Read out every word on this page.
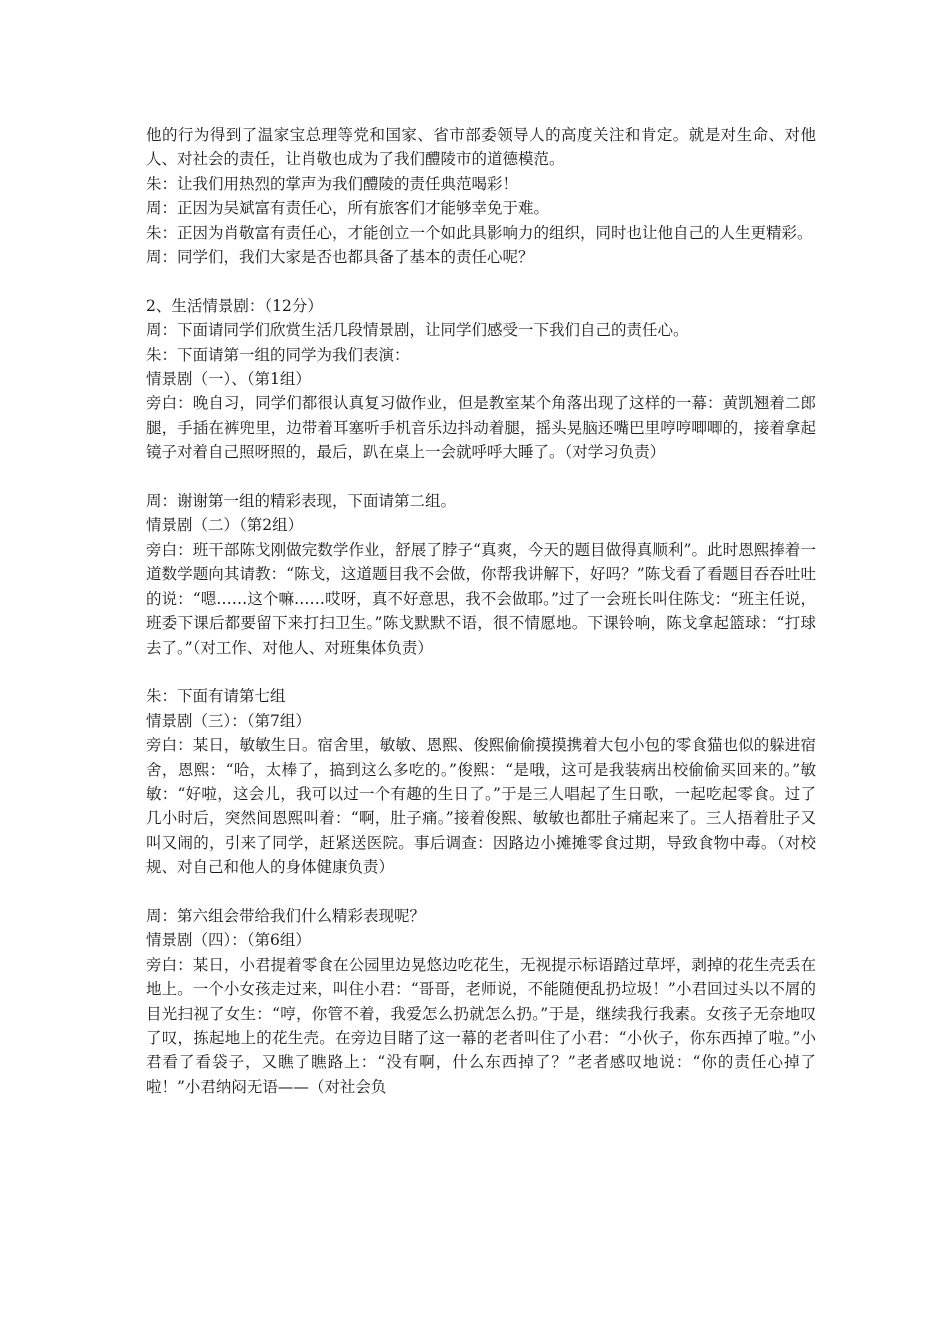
他的行为得到了温家宝总理等党和国家、省市部委领导人的高度关注和肯定。就是对生命、对他人、对社会的责任，让肖敬也成为了我们醴陵市的道德模范。

朱：让我们用热烈的掌声为我们醴陵的责任典范喝彩！

周：正因为吴斌富有责任心，所有旅客们才能够幸免于难。

朱：正因为肖敬富有责任心，才能创立一个如此具影响力的组织，同时也让他自己的人生更精彩。

周：同学们，我们大家是否也都具备了基本的责任心呢？

2、生活情景剧：（12分）

周：下面请同学们欣赏生活几段情景剧，让同学们感受一下我们自己的责任心。

朱：下面请第一组的同学为我们表演：

情景剧（一）、（第1组）

旁白：晚自习，同学们都很认真复习做作业，但是教室某个角落出现了这样的一幕：黄凯翘着二郎腿，手插在裤兜里，边带着耳塞听手机音乐边抖动着腿，摇头晃脑还嘴巴里哼哼唧唧的，接着拿起镜子对着自己照呀照的，最后，趴在桌上一会就呼呼大睡了。（对学习负责）

周：谢谢第一组的精彩表现，下面请第二组。

情景剧（二）（第2组）

旁白：班干部陈戈刚做完数学作业，舒展了脖子“真爽，今天的题目做得真顺利”。此时恩熙捧着一道数学题向其请教：“陈戈，这道题目我不会做，你帮我讲解下，好吗？”陈戈看了看题目吞吞吐吐的说：“嗯……这个嘛……哎呀，真不好意思，我不会做耶。”过了一会班长叫住陈戈：“班主任说，班委下课后都要留下来打扫卫生。”陈戈默默不语，很不情愿地。下课铃响，陈戈拿起篮球：“打球去了。”（对工作、对他人、对班集体负责）

朱：下面有请第七组

情景剧（三）：（第7组）

旁白：某日，敏敏生日。宿舍里，敏敏、恩熙、俊熙偷偷摸摸携着大包小包的零食猫也似的躲进宿舍，恩熙：“哈，太棒了，搞到这么多吃的。”俊熙：“是哦，这可是我装病出校偷偷买回来的。”敏敏：“好啦，这会儿，我可以过一个有趣的生日了。”于是三人唱起了生日歌，一起吃起零食。过了几小时后，突然间恩熙叫着：“啊，肚子痛。”接着俊熙、敏敏也都肚子痛起来了。三人捂着肚子又叫又闹的，引来了同学，赶紧送医院。事后调查：因路边小摊摊零食过期，导致食物中毒。（对校规、对自己和他人的身体健康负责）

周：第六组会带给我们什么精彩表现呢？

情景剧（四）：（第6组）

旁白：某日，小君提着零食在公园里边晃悠边吃花生，无视提示标语踏过草坪，剥掉的花生壳丢在地上。一个小女孩走过来，叫住小君：“哥哥，老师说，不能随便乱扔垃圾！”小君回过头以不屑的目光扫视了女生：“哼，你管不着，我爱怎么扔就怎么扔。”于是，继续我行我素。女孩子无奈地叹了叹，拣起地上的花生壳。在旁边目睹了这一幕的老者叫住了小君：“小伙子，你东西掉了啦。”小君看了看袋子，又瞧了瞧路上：“没有啊，什么东西掉了？”老者感叹地说：“你的责任心掉了啦！”小君纳闷无语——（对社会负
